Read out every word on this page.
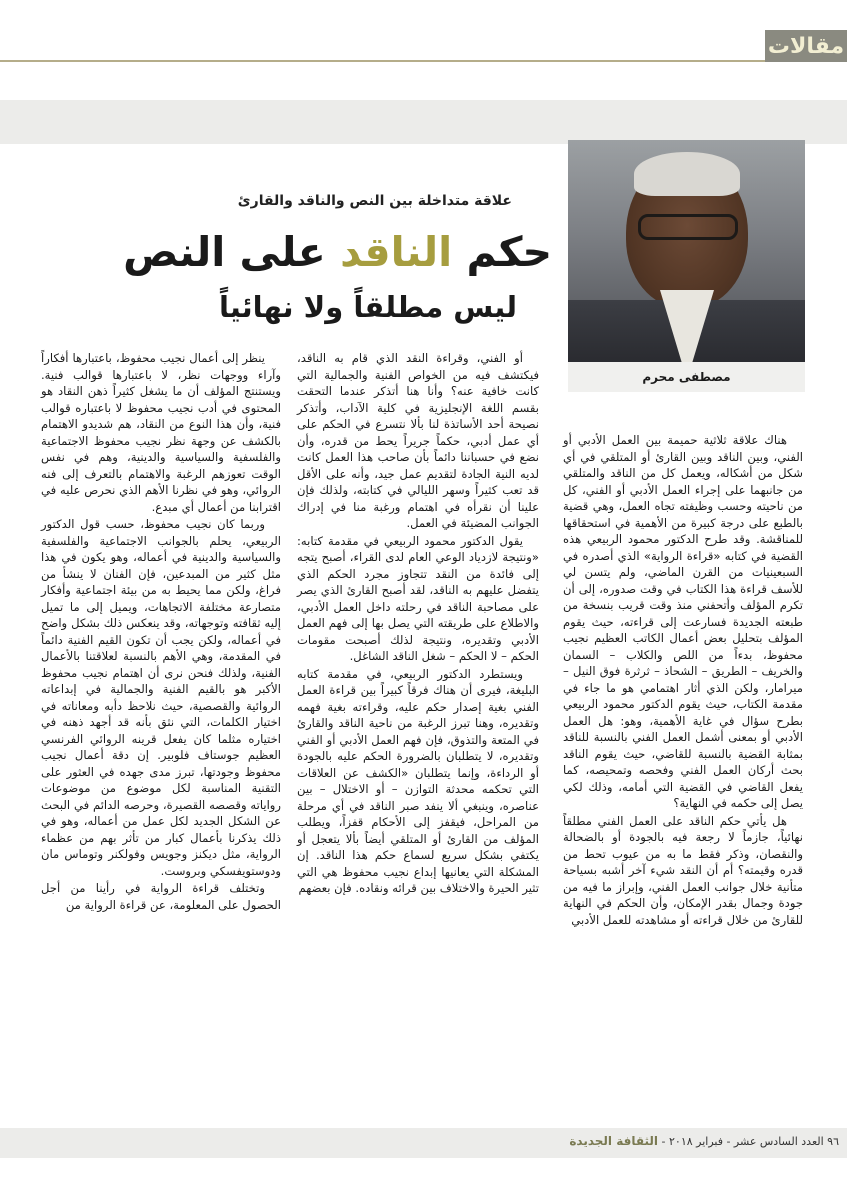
مقالات
مصطفى محرم
علاقة متداخلة بين النص والناقد والقارئ
حكم الناقد على النص
ليس مطلقاً ولا نهائياً

هناك علاقة ثلاثية حميمة بين العمل الأدبي أو الفني، وبين الناقد وبين القارئ أو المتلقي في أي شكل من أشكاله، ويعمل كل من الناقد والمتلقي من جانبهما على إجراء العمل الأدبي أو الفني، كل من ناحيته وحسب وظيفته تجاه العمل، وهي قضية بالطبع على درجة كبيرة من الأهمية في استحقاقها للمناقشة. وقد طرح الدكتور محمود الربيعي هذه القضية في كتابه «قراءة الرواية» الذي أصدره في السبعينيات من القرن الماضي، ولم يتسن لي للأسف قراءة هذا الكتاب في وقت صدوره، إلى أن تكرم المؤلف وأتحفني منذ وقت قريب بنسخة من طبعته الجديدة فسارعت إلى قراءته، حيث يقوم المؤلف بتحليل بعض أعمال الكاتب العظيم نجيب محفوظ، بدءاً من اللص والكلاب – السمان والخريف – الطريق – الشحاذ – ثرثرة فوق النيل – ميرامار، ولكن الذي أثار اهتمامي هو ما جاء في مقدمة الكتاب، حيث يقوم الدكتور محمود الربيعي بطرح سؤال في غاية الأهمية، وهو: هل العمل الأدبي أو بمعنى أشمل العمل الفني بالنسبة للناقد بمثابة القضية بالنسبة للقاضي، حيث يقوم الناقد بحث أركان العمل الفني وفحصه وتمحيصه، كما يفعل القاضي في القضية التي أمامه، وذلك لكي يصل إلى حكمه في النهاية؟

هل يأتي حكم الناقد على العمل الفني مطلقاً نهائياً، جازماً لا رجعة فيه بالجودة أو بالضحالة والنقصان، وذكر فقط ما به من عيوب تحط من قدره وقيمته؟ أم أن النقد شيء آخر أشبه بسياحة متأنية خلال جوانب العمل الفني، وإبراز ما فيه من جودة وجمال بقدر الإمكان، وأن الحكم في النهاية للقارئ من خلال قراءته أو مشاهدته للعمل الأدبي

أو الفني، وقراءة النقد الذي قام به الناقد، فيكتشف فيه من الخواص الفنية والجمالية التي كانت خافية عنه؟ وأنا هنا أتذكر عندما التحقت بقسم اللغة الإنجليزية في كلية الآداب، وأتذكر نصيحة أحد الأساتذة لنا بألا نتسرع في الحكم على أي عمل أدبي، حكماً جريراً يحط من قدره، وأن نضع في حسباننا دائماً بأن صاحب هذا العمل كانت لديه النية الجادة لتقديم عمل جيد، وأنه على الأقل قد تعب كثيراً وسهر الليالي في كتابته، ولذلك فإن علينا أن نقرأه في اهتمام ورغبة منا في إدراك الجوانب المضيئة في العمل.

يقول الدكتور محمود الربيعي في مقدمة كتابه: «ونتيجة لازدياد الوعي العام لدى القراء، أصبح يتجه إلى فائدة من النقد تتجاوز مجرد الحكم الذي يتفضل عليهم به الناقد، لقد أصبح القارئ الذي يصر على مصاحبة الناقد في رحلته داخل العمل الأدبي، والاطلاع على طريقته التي يصل بها إلى فهم العمل الأدبي وتقديره، ونتيجة لذلك أصبحت مقومات الحكم – لا الحكم – شغل الناقد الشاغل.

ويستطرد الدكتور الربيعي، في مقدمة كتابه البليغة، فيرى أن هناك فرقاً كبيراً بين قراءة العمل الفني بغية إصدار حكم عليه، وقراءته بغية فهمه وتقديره، وهنا تبرز الرغبة من ناحية الناقد والقارئ في المتعة والتذوق، فإن فهم العمل الأدبي أو الفني وتقديره، لا يتطلبان بالضرورة الحكم عليه بالجودة أو الرداءة، وإنما يتطلبان «الكشف عن العلاقات التي تحكمه محدثة التوازن – أو الاختلال – بين عناصره، وينبغي ألا ينفد صبر الناقد في أي مرحلة من المراحل، فيقفز إلى الأحكام قفزاً، ويطلب المؤلف من القارئ أو المتلقي أيضاً بألا يتعجل أو يكتفي بشكل سريع لسماع حكم هذا الناقد. إن المشكلة التي يعانيها إبداع نجيب محفوظ هي التي تثير الحيرة والاختلاف بين قرائه ونقاده. فإن بعضهم

ينظر إلى أعمال نجيب محفوظ، باعتبارها أفكاراً وآراء ووجهات نظر، لا باعتبارها قوالب فنية. ويستنتج المؤلف أن ما يشغل كثيراً ذهن النقاد هو المحتوى في أدب نجيب محفوظ لا باعتباره قوالب فنية، وأن هذا النوع من النقاد، هم شديدو الاهتمام بالكشف عن وجهة نظر نجيب محفوظ الاجتماعية والفلسفية والسياسية والدينية، وهم في نفس الوقت تعوزهم الرغبة والاهتمام بالتعرف إلى فنه الروائي، وهو في نظرنا الأهم الذي نحرص عليه في اقترابنا من أعمال أي مبدع.

وربما كان نجيب محفوظ، حسب قول الدكتور الربيعي، يحلم بالجوانب الاجتماعية والفلسفية والسياسية والدينية في أعماله، وهو يكون في هذا مثل كثير من المبدعين، فإن الفنان لا ينشأ من فراغ، ولكن مما يحيط به من بيئة اجتماعية وأفكار متصارعة مختلفة الاتجاهات، ويميل إلى ما تميل إليه ثقافته وتوجهاته، وقد ينعكس ذلك بشكل واضح في أعماله، ولكن يجب أن تكون القيم الفنية دائماً في المقدمة، وهي الأهم بالنسبة لعلاقتنا بالأعمال الفنية، ولذلك فنحن نرى أن اهتمام نجيب محفوظ الأكبر هو بالقيم الفنية والجمالية في إبداعاته الروائية والقصصية، حيث نلاحظ دأبه ومعاناته في اختيار الكلمات، التي نثق بأنه قد أجهد ذهنه في اختياره مثلما كان يفعل قرينه الروائي الفرنسي العظيم جوستاف فلوبير. إن دقة أعمال نجيب محفوظ وجودتها، تبرز مدى جهده في العثور على التقنية المناسبة لكل موضوع من موضوعات رواياته وقصصه القصيرة، وحرصه الدائم في البحث عن الشكل الجديد لكل عمل من أعماله، وهو في ذلك يذكرنا بأعمال كبار من تأثر بهم من عظماء الرواية، مثل ديكنز وجويس وفولكنر وتوماس مان ودوستويفسكي وبروست.

وتختلف قراءة الرواية في رأينا من أجل الحصول على المعلومة، عن قراءة الرواية من

٩٦ العدد السادس عشر - فبراير ٢٠١٨ - الثقافة الجديدة
